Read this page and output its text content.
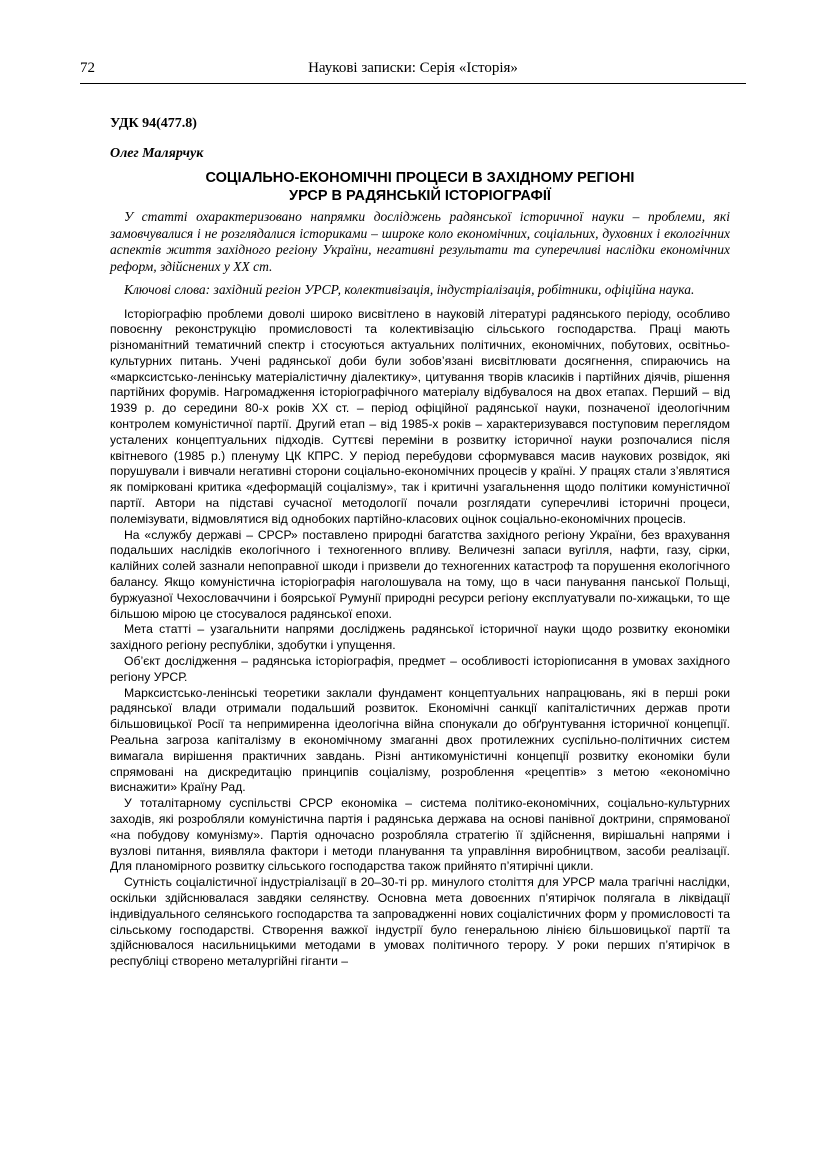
72	Наукові записки: Серія «Історія»
УДК 94(477.8)
Олег Малярчук
СОЦІАЛЬНО-ЕКОНОМІЧНІ ПРОЦЕСИ В ЗАХІДНОМУ РЕГІОНІ
УРСР В РАДЯНСЬКІЙ ІСТОРІОГРАФІЇ

У статті охарактеризовано напрямки досліджень радянської історичної науки – проблеми, які замовчувалися і не розглядалися істориками – широке коло економічних, соціальних, духовних і екологічних аспектів життя західного регіону України, негативні результати та суперечливі наслідки економічних реформ, здійснених у XX ст.

Ключові слова: західний регіон УРСР, колективізація, індустріалізація, робітники, офіційна наука.

Історіографію проблеми доволі широко висвітлено в науковій літературі радянського періоду, особливо повоєнну реконструкцію промисловості та колективізацію сільського господарства. Праці мають різноманітний тематичний спектр і стосуються актуальних політичних, економічних, побутових, освітньо-культурних питань. Учені радянської доби були зобов’язані висвітлювати досягнення, спираючись на «марксистсько-ленінську матеріалістичну діалектику», цитування творів класиків і партійних діячів, рішення партійних форумів. Нагромадження історіографічного матеріалу відбувалося на двох етапах. Перший – від 1939 р. до середини 80-х років ХХ ст. – період офіційної радянської науки, позначеної ідеологічним контролем комуністичної партії. Другий етап – від 1985-х років – характеризувався поступовим переглядом усталених концептуальних підходів. Суттєві переміни в розвитку історичної науки розпочалися після квітневого (1985 р.) пленуму ЦК КПРС. У період перебудови сформувався масив наукових розвідок, які порушували і вивчали негативні сторони соціально-економічних процесів у країні. У працях стали з’являтися як помірковані критика «деформацій соціалізму», так і критичні узагальнення щодо політики комуністичної партії. Автори на підставі сучасної методології почали розглядати суперечливі історичні процеси, полемізувати, відмовлятися від однобоких партійно-класових оцінок соціально-економічних процесів.

На «службу державі – СРСР» поставлено природні багатства західного регіону України, без врахування подальших наслідків екологічного і техногенного впливу. Величезні запаси вугілля, нафти, газу, сірки, калійних солей зазнали непоправної шкоди і призвели до техногенних катастроф та порушення екологічного балансу. Якщо комуністична історіографія наголошувала на тому, що в часи панування панської Польщі, буржуазної Чехословаччини і боярської Румунії природні ресурси регіону експлуатували по-хижацьки, то ще більшою мірою це стосувалося радянської епохи.

Мета статті – узагальнити напрями досліджень радянської історичної науки щодо розвитку економіки західного регіону республіки, здобутки і упущення.

Об’єкт дослідження – радянська історіографія, предмет – особливості історіописання в умовах західного регіону УРСР.

Марксистсько-ленінські теоретики заклали фундамент концептуальних напрацювань, які в перші роки радянської влади отримали подальший розвиток. Економічні санкції капіталістичних держав проти більшовицької Росії та непримиренна ідеологічна війна спонукали до обґрунтування історичної концепції. Реальна загроза капіталізму в економічному змаганні двох протилежних суспільно-політичних систем вимагала вирішення практичних завдань. Різні антикомуністичні концепції розвитку економіки були спрямовані на дискредитацію принципів соціалізму, розроблення «рецептів» з метою «економічно виснажити» Країну Рад.

У тоталітарному суспільстві СРСР економіка – система політико-економічних, соціально-культурних заходів, які розробляли комуністична партія і радянська держава на основі панівної доктрини, спрямованої «на побудову комунізму». Партія одночасно розробляла стратегію її здійснення, вирішальні напрями і вузлові питання, виявляла фактори і методи планування та управління виробництвом, засоби реалізації. Для планомірного розвитку сільського господарства також прийнято п’ятирічні цикли.

Сутність соціалістичної індустріалізації в 20–30-ті рр. минулого століття для УРСР мала трагічні наслідки, оскільки здійснювалася завдяки селянству. Основна мета довоєнних п’ятирічок полягала в ліквідації індивідуального селянського господарства та запровадженні нових соціалістичних форм у промисловості та сільському господарстві. Створення важкої індустрії було генеральною лінією більшовицької партії та здійснювалося насильницькими методами в умовах політичного терору. У роки перших п’ятирічок в республіці створено металургійні гіганти –
